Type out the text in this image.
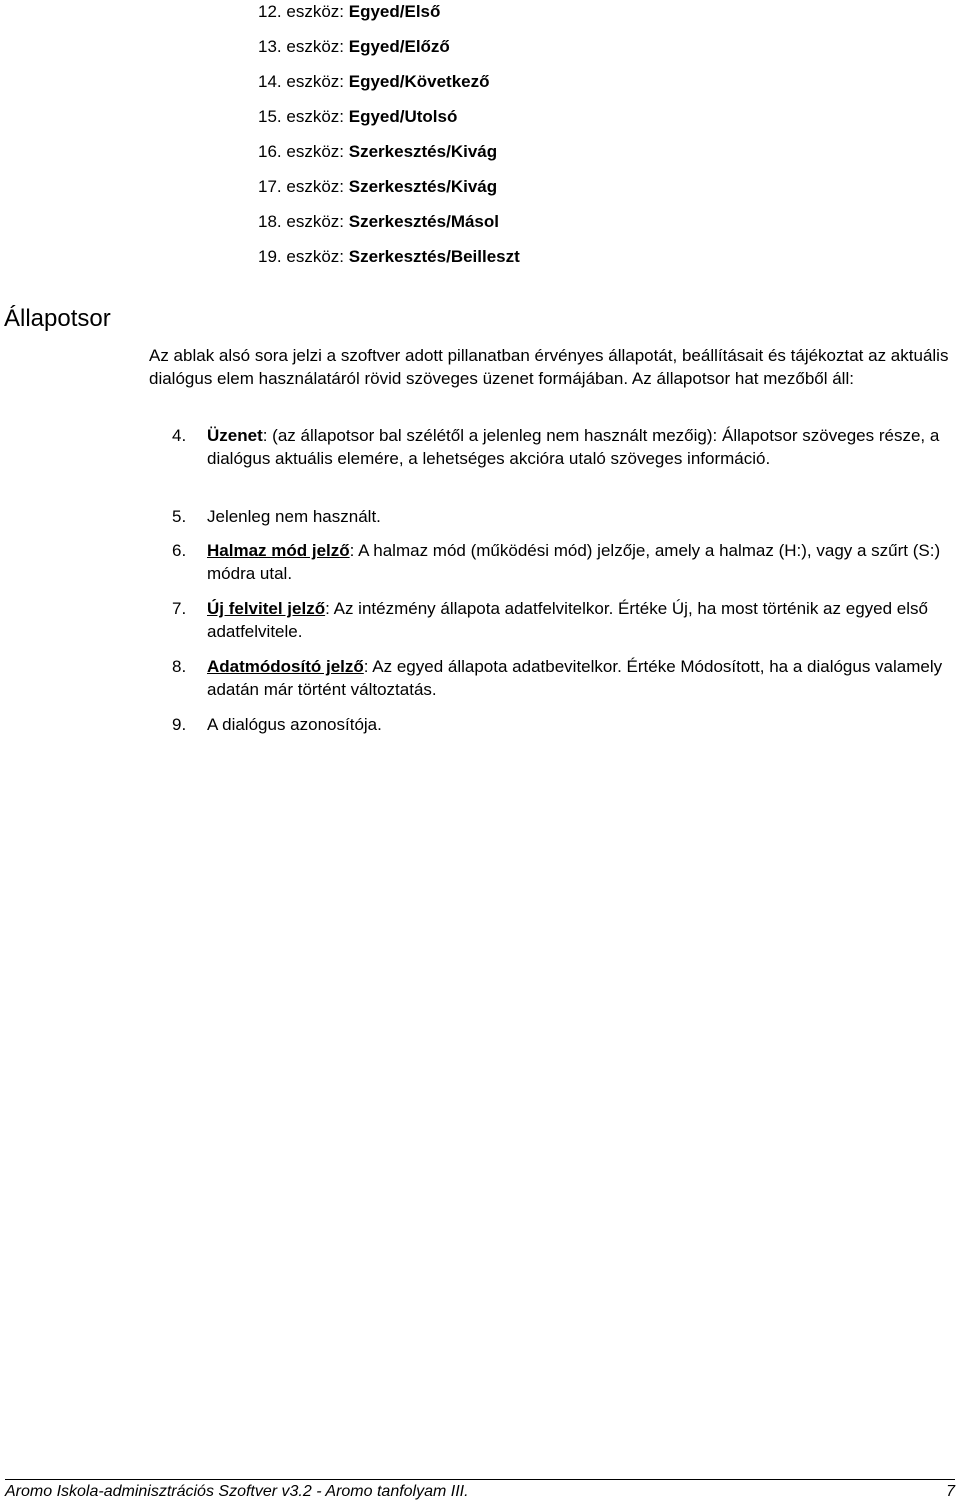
12. eszköz: Egyed/Első
13. eszköz: Egyed/Előző
14. eszköz: Egyed/Következő
15. eszköz: Egyed/Utolsó
16. eszköz: Szerkesztés/Kivág
17. eszköz: Szerkesztés/Kivág
18. eszköz: Szerkesztés/Másol
19. eszköz: Szerkesztés/Beilleszt
Állapotsor

Az ablak alsó sora jelzi a szoftver adott pillanatban érvényes állapotát, beállításait és tájékoztat az aktuális dialógus elem használatáról rövid szöveges üzenet formájában. Az állapotsor hat mezőből áll:

4. Üzenet: (az állapotsor bal szélétől a jelenleg nem használt mezőig): Állapotsor szöveges része, a dialógus aktuális elemére, a lehetséges akcióra utaló szöveges információ.
5. Jelenleg nem használt.
6. Halmaz mód jelző: A halmaz mód (működési mód) jelzője, amely a halmaz (H:), vagy a szűrt (S:) módra utal.
7. Új felvitel jelző: Az intézmény állapota adatfelvitelkor. Értéke Új, ha most történik az egyed első adatfelvitele.
8. Adatmódosító jelző: Az egyed állapota adatbevitelkor. Értéke Módosított, ha a dialógus valamely adatán már történt változtatás.
9. A dialógus azonosítója.
Aromo Iskola-adminisztrációs Szoftver v3.2 - Aromo tanfolyam III.	7
